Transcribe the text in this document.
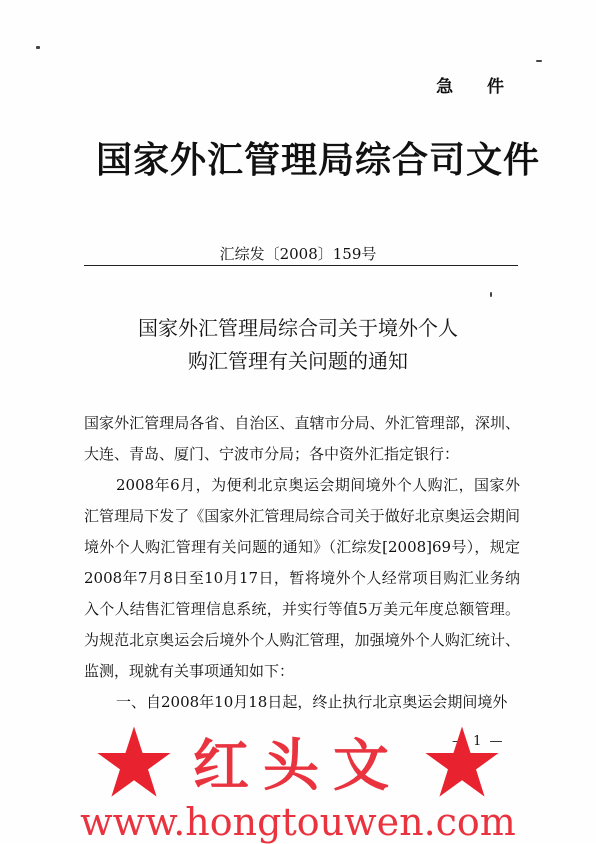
急 件
国家外汇管理局综合司文件
汇综发〔2008〕159号
国家外汇管理局综合司关于境外个人
购汇管理有关问题的通知

国家外汇管理局各省、自治区、直辖市分局、外汇管理部，深圳、大连、青岛、厦门、宁波市分局；各中资外汇指定银行：

2008年6月，为便利北京奥运会期间境外个人购汇，国家外汇管理局下发了《国家外汇管理局综合司关于做好北京奥运会期间境外个人购汇管理有关问题的通知》（汇综发[2008]69号），规定2008年7月8日至10月17日，暂将境外个人经常项目购汇业务纳入个人结售汇管理信息系统，并实行等值5万美元年度总额管理。为规范北京奥运会后境外个人购汇管理，加强境外个人购汇统计、监测，现就有关事项通知如下：

一、自2008年10月18日起，终止执行北京奥运会期间境外

— 1 —
红头文
www.hongtouwen.com
